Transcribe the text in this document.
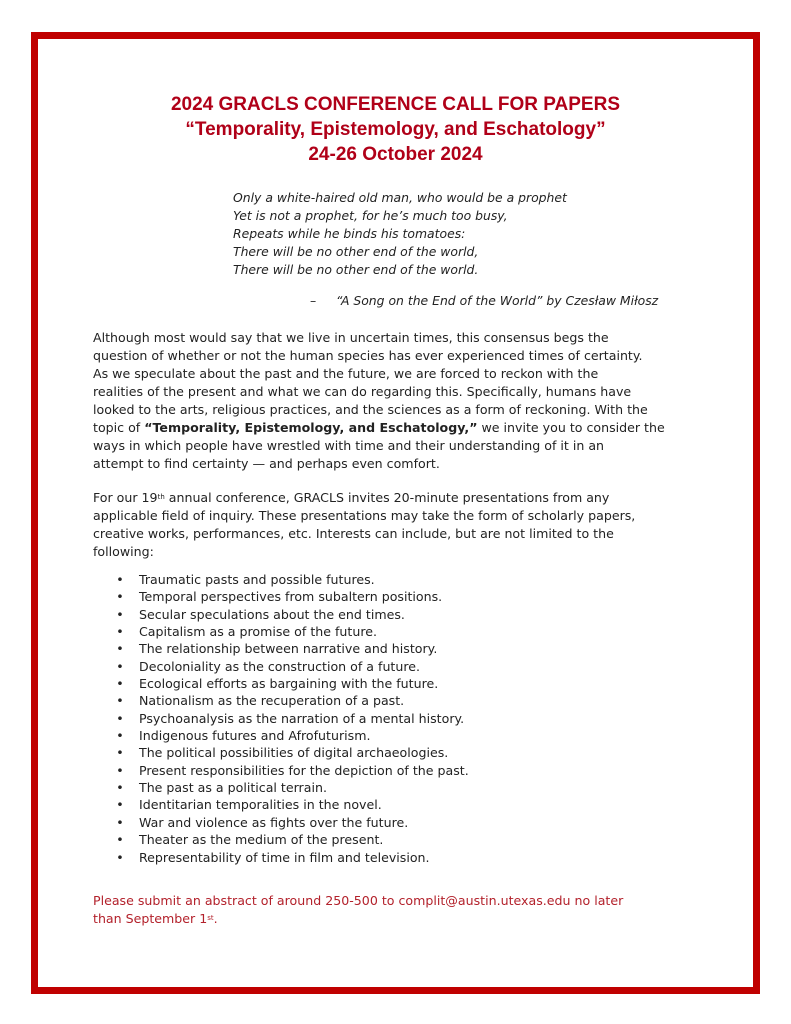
2024 GRACLS CONFERENCE CALL FOR PAPERS
“Temporality, Epistemology, and Eschatology”
24-26 October 2024
Only a white-haired old man, who would be a prophet
Yet is not a prophet, for he’s much too busy,
Repeats while he binds his tomatoes:
There will be no other end of the world,
There will be no other end of the world.
– “A Song on the End of the World” by Czesław Miłosz
Although most would say that we live in uncertain times, this consensus begs the
question of whether or not the human species has ever experienced times of certainty.
As we speculate about the past and the future, we are forced to reckon with the
realities of the present and what we can do regarding this. Specifically, humans have
looked to the arts, religious practices, and the sciences as a form of reckoning. With the
topic of “Temporality, Epistemology, and Eschatology,” we invite you to consider the
ways in which people have wrestled with time and their understanding of it in an
attempt to find certainty — and perhaps even comfort.
For our 19th annual conference, GRACLS invites 20-minute presentations from any
applicable field of inquiry. These presentations may take the form of scholarly papers,
creative works, performances, etc. Interests can include, but are not limited to the
following:
• Traumatic pasts and possible futures.
• Temporal perspectives from subaltern positions.
• Secular speculations about the end times.
• Capitalism as a promise of the future.
• The relationship between narrative and history.
• Decoloniality as the construction of a future.
• Ecological efforts as bargaining with the future.
• Nationalism as the recuperation of a past.
• Psychoanalysis as the narration of a mental history.
• Indigenous futures and Afrofuturism.
• The political possibilities of digital archaeologies.
• Present responsibilities for the depiction of the past.
• The past as a political terrain.
• Identitarian temporalities in the novel.
• War and violence as fights over the future.
• Theater as the medium of the present.
• Representability of time in film and television.
Please submit an abstract of around 250-500 to complit@austin.utexas.edu no later
than September 1st.
